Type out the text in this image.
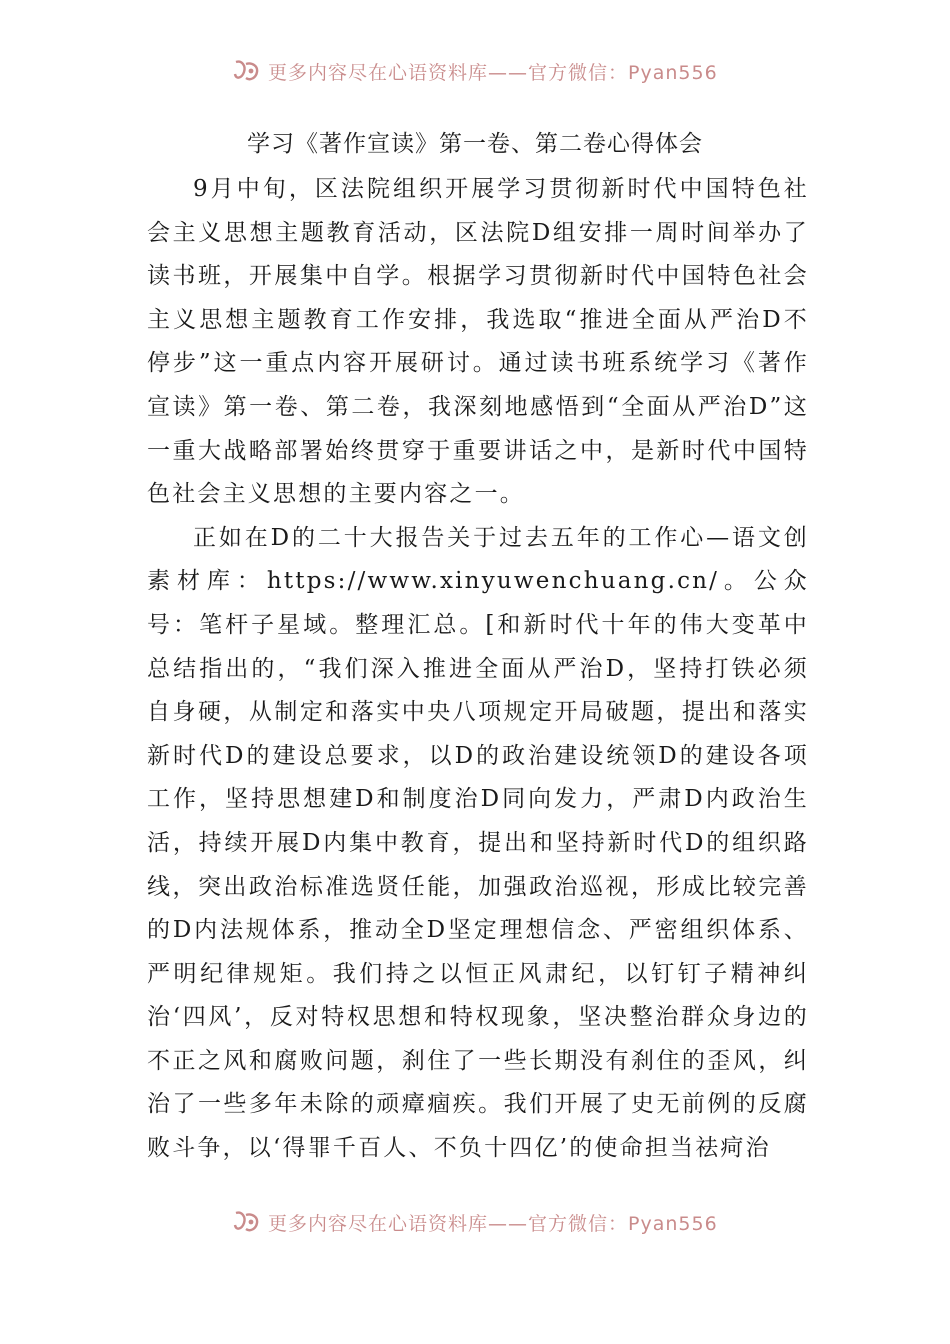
更多内容尽在心语资料库——官方微信：Pyan556
学习《著作宣读》第一卷、第二卷心得体会

9月中旬，区法院组织开展学习贯彻新时代中国特色社会主义思想主题教育活动，区法院D组安排一周时间举办了读书班，开展集中自学。根据学习贯彻新时代中国特色社会主义思想主题教育工作安排，我选取“推进全面从严治D不停步”这一重点内容开展研讨。通过读书班系统学习《著作宣读》第一卷、第二卷，我深刻地感悟到“全面从严治D”这一重大战略部署始终贯穿于重要讲话之中，是新时代中国特色社会主义思想的主要内容之一。

正如在D的二十大报告关于过去五年的工作心—语文创素材库：https://www.xinyuwenchuang.cn/。公众号：笔杆子星域。整理汇总。[和新时代十年的伟大变革中总结指出的，“我们深入推进全面从严治D，坚持打铁必须自身硬，从制定和落实中央八项规定开局破题，提出和落实新时代D的建设总要求，以D的政治建设统领D的建设各项工作，坚持思想建D和制度治D同向发力，严肃D内政治生活，持续开展D内集中教育，提出和坚持新时代D的组织路线，突出政治标准选贤任能，加强政治巡视，形成比较完善的D内法规体系，推动全D坚定理想信念、严密组织体系、严明纪律规矩。我们持之以恒正风肃纪，以钉钉子精神纠治‘四风’，反对特权思想和特权现象，坚决整治群众身边的不正之风和腐败问题，刹住了一些长期没有刹住的歪风，纠治了一些多年未除的顽瘴痼疾。我们开展了史无前例的反腐败斗争，以‘得罪千百人、不负十四亿’的使命担当祛疴治

更多内容尽在心语资料库——官方微信：Pyan556
